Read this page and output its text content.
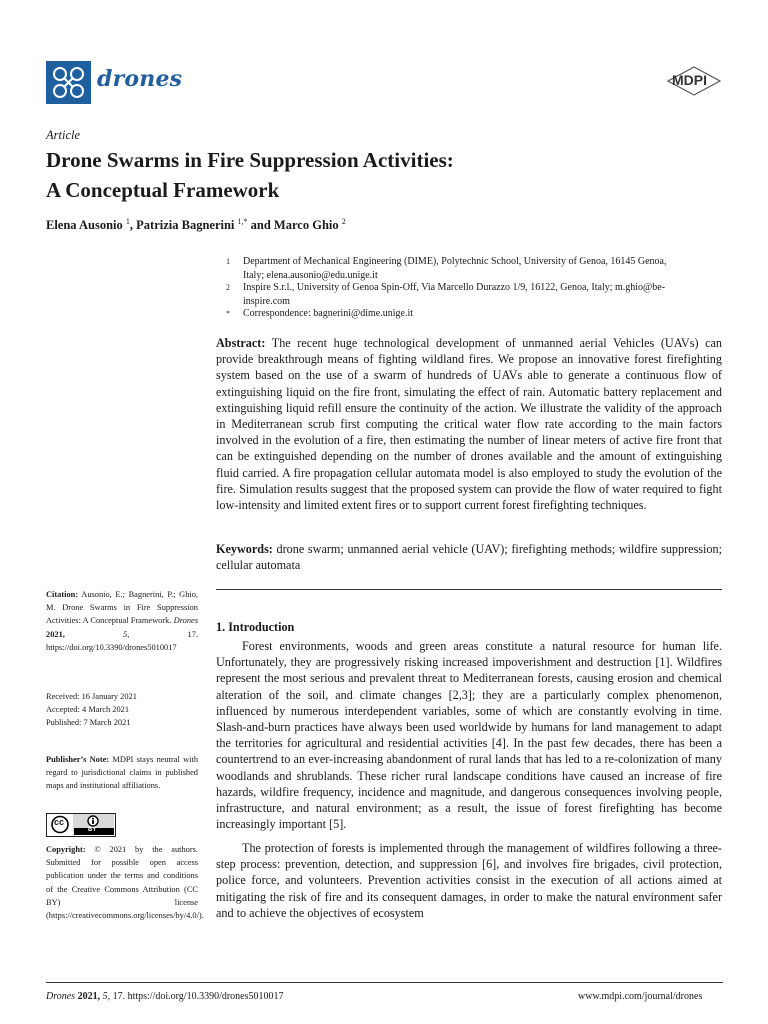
drones	MDPI
Article
Drone Swarms in Fire Suppression Activities:
A Conceptual Framework
Elena Ausonio $^1$, Patrizia Bagnerini $^{1,*}$ and Marco Ghio $^2$
1 Department of Mechanical Engineering (DIME), Polytechnic School, University of Genoa, 16145 Genoa,
Italy; elena.ausonio@edu.unige.it
2 Inspire S.r.l., University of Genoa Spin-Off, Via Marcello Durazzo 1/9, 16122, Genoa, Italy; m.ghio@be-
inspire.com
* Correspondence: bagnerini@dime.unige.it

Abstract: The recent huge technological development of unmanned aerial Vehicles (UAVs) can provide breakthrough means of fighting wildland fires. We propose an innovative forest firefighting system based on the use of a swarm of hundreds of UAVs able to generate a continuous flow of extinguishing liquid on the fire front, simulating the effect of rain. Automatic battery replacement and extinguishing liquid refill ensure the continuity of the action. We illustrate the validity of the approach in Mediterranean scrub first computing the critical water flow rate according to the main factors involved in the evolution of a fire, then estimating the number of linear meters of active fire front that can be extinguished depending on the number of drones available and the amount of extinguishing fluid carried. A fire propagation cellular automata model is also employed to study the evolution of the fire. Simulation results suggest that the proposed system can provide the flow of water required to fight low-intensity and limited extent fires or to support current forest firefighting techniques.

Keywords: drone swarm; unmanned aerial vehicle (UAV); firefighting methods; wildfire suppression; cellular automata

Citation: Ausonio, E.; Bagnerini, P.; Ghio, M. Drone Swarms in Fire Suppression Activities: A Conceptual Framework. Drones 2021,	5,	17. https://doi.org/10.3390/drones5010017

Received: 16 January 2021
Accepted: 4 March 2021
Published: 7 March 2021

Publisher’s Note: MDPI stays neutral with regard to jurisdictional claims in published maps and institutional affiliations.

cc
BY

Copyright: © 2021 by the authors. Submitted for possible open access publication under the terms and conditions of the Creative Commons Attribution (CC BY) license (https://creativecommons.org/licenses/by/4.0/).

1. Introduction

Forest environments, woods and green areas constitute a natural resource for human life. Unfortunately, they are progressively risking increased impoverishment and destruction [1]. Wildfires represent the most serious and prevalent threat to Mediterranean forests, causing erosion and chemical alteration of the soil, and climate changes [2,3]; they are a particularly complex phenomenon, influenced by numerous interdependent variables, some of which are constantly evolving in time. Slash-and-burn practices have always been used worldwide by humans for land management to adapt the territories for agricultural and residential activities [4]. In the past few decades, there has been a countertrend to an ever-increasing abandonment of rural lands that has led to a re-colonization of many woodlands and shrublands. These richer rural landscape conditions have caused an increase of fire hazards, wildfire frequency, incidence and magnitude, and dangerous consequences involving people, infrastructure, and natural environment; as a result, the issue of forest firefighting has become increasingly important [5].

The protection of forests is implemented through the management of wildfires following a three-step process: prevention, detection, and suppression [6], and involves fire brigades, civil protection, police force, and volunteers. Prevention activities consist in the execution of all actions aimed at mitigating the risk of fire and its consequent damages, in order to make the natural environment safer and to achieve the objectives of ecosystem

Drones 2021, 5, 17. https://doi.org/10.3390/drones5010017	www.mdpi.com/journal/drones
